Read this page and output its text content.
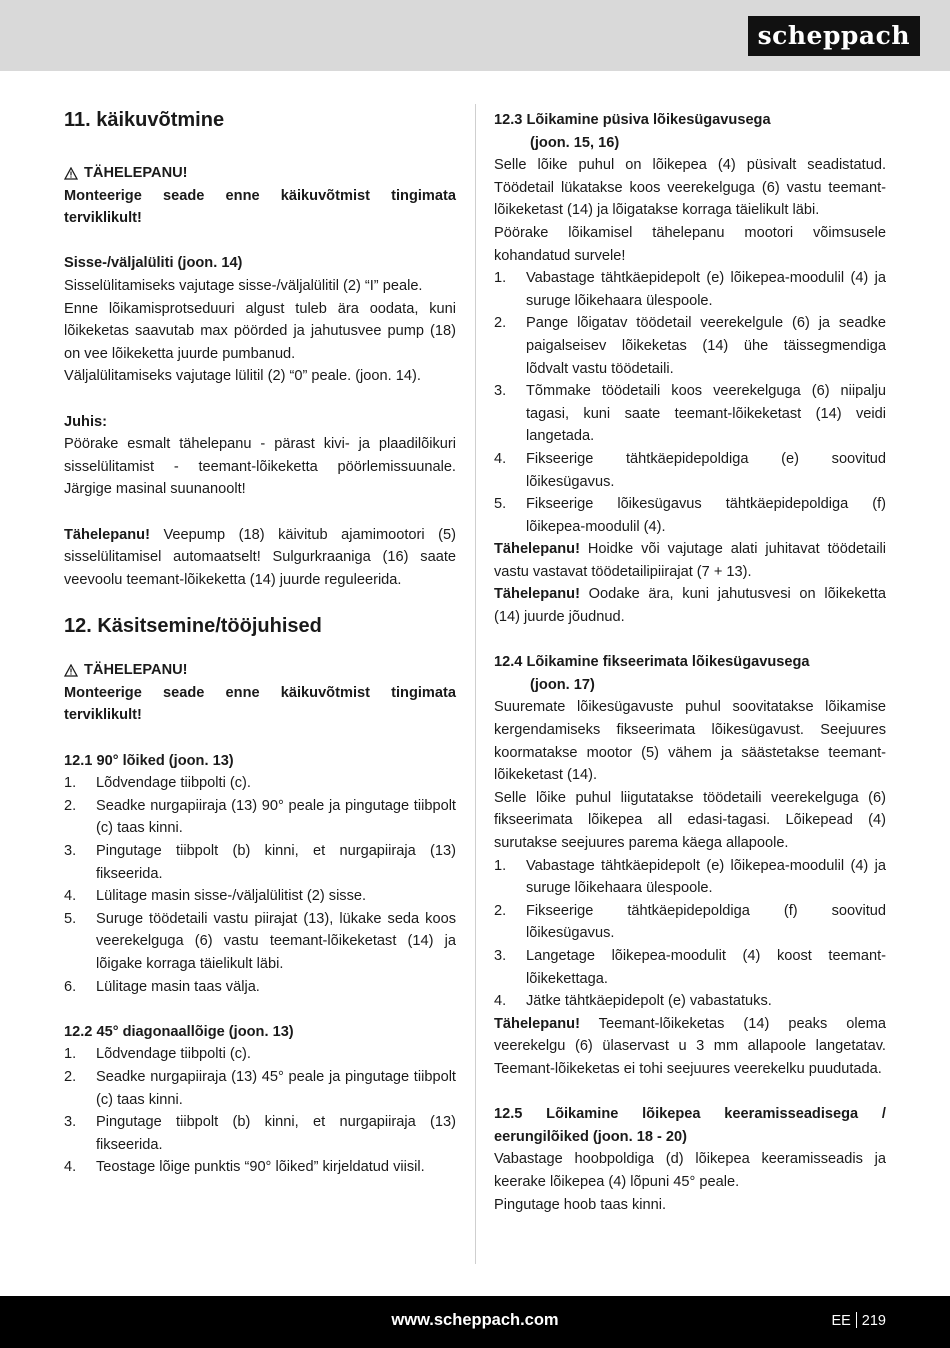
scheppach

11. käikuvõtmine

TÄHELEPANU!

Monteerige seade enne käikuvõtmist tingimata terviklikult!

Sisse-/väljalüliti (joon. 14)

Sisselülitamiseks vajutage sisse-/väljalülitil (2) “I” peale.

Enne lõikamisprotseduuri algust tuleb ära oodata, kuni lõikeketas saavutab max pöörded ja jahutusvee pump (18) on vee lõikeketta juurde pumbanud.

Väljalülitamiseks vajutage lülitil (2) “0” peale. (joon. 14).

Juhis:

Pöörake esmalt tähelepanu - pärast kivi- ja plaadilõikuri sisselülitamist - teemant-lõikeketta pöörlemissuunale. Järgige masinal suunanoolt!

Tähelepanu! Veepump (18) käivitub ajamimootori (5) sisselülitamisel automaatselt! Sulgurkraaniga (16) saate veevoolu teemant-lõikeketta (14) juurde reguleerida.

12. Käsitsemine/tööjuhised

TÄHELEPANU!

Monteerige seade enne käikuvõtmist tingimata terviklikult!

12.1 90° lõiked (joon. 13)

1. Lõdvendage tiibpolti (c).
2. Seadke nurgapiiraja (13) 90° peale ja pingutage tiibpolt (c) taas kinni.
3. Pingutage tiibpolt (b) kinni, et nurgapiiraja (13) fikseerida.
4. Lülitage masin sisse-/väljalülitist (2) sisse.
5. Suruge töödetaili vastu piirajat (13), lükake seda koos veerekelguga (6) vastu teemant-lõikeketast (14) ja lõigake korraga täielikult läbi.
6. Lülitage masin taas välja.

12.2 45° diagonaallõige (joon. 13)

1. Lõdvendage tiibpolti (c).
2. Seadke nurgapiiraja (13) 45° peale ja pingutage tiibpolt (c) taas kinni.
3. Pingutage tiibpolt (b) kinni, et nurgapiiraja (13) fikseerida.
4. Teostage lõige punktis “90° lõiked” kirjeldatud viisil.

12.3 Lõikamine püsiva lõikesügavusega

(joon. 15, 16)

Selle lõike puhul on lõikepea (4) püsivalt seadistatud. Töödetail lükatakse koos veerekelguga (6) vastu teemant-lõikeketast (14) ja lõigatakse korraga täielikult läbi.

Pöörake lõikamisel tähelepanu mootori võimsusele kohandatud survele!

1. Vabastage tähtkäepidepolt (e) lõikepea-moodulil (4) ja suruge lõikehaara ülespoole.
2. Pange lõigatav töödetail veerekelgule (6) ja seadke paigalseisev lõikeketas (14) ühe täissegmendiga lõdvalt vastu töödetaili.
3. Tõmmake töödetaili koos veerekelguga (6) niipalju tagasi, kuni saate teemant-lõikeketast (14) veidi langetada.
4. Fikseerige tähtkäepidepoldiga (e) soovitud lõikesügavus.
5. Fikseerige lõikesügavus tähtkäepidepoldiga (f) lõikepea-moodulil (4).

Tähelepanu! Hoidke või vajutage alati juhitavat töödetaili vastu vastavat töödetailipiirajat (7 + 13).

Tähelepanu! Oodake ära, kuni jahutusvesi on lõikeketta (14) juurde jõudnud.

12.4 Lõikamine fikseerimata lõikesügavusega

(joon. 17)

Suuremate lõikesügavuste puhul soovitatakse lõikamise kergendamiseks fikseerimata lõikesügavust. Seejuures koormatakse mootor (5) vähem ja säästetakse teemant-lõikeketast (14).

Selle lõike puhul liigutatakse töödetaili veerekelguga (6) fikseerimata lõikepea all edasi-tagasi. Lõikepead (4) surutakse seejuures parema käega allapoole.

1. Vabastage tähtkäepidepolt (e) lõikepea-moodulil (4) ja suruge lõikehaara ülespoole.
2. Fikseerige tähtkäepidepoldiga (f) soovitud lõikesügavus.
3. Langetage lõikepea-moodulit (4) koost teemant-lõikekettaga.
4. Jätke tähtkäepidepolt (e) vabastatuks.

Tähelepanu! Teemant-lõikeketas (14) peaks olema veerekelgu (6) ülaservast u 3 mm allapoole langetatav. Teemant-lõikeketas ei tohi seejuures veerekelku puudutada.

12.5 Lõikamine lõikepea keeramisseadisega / eerungilõiked (joon. 18 - 20)

Vabastage hoobpoldiga (d) lõikepea keeramisseadis ja keerake lõikepea (4) lõpuni 45° peale.

Pingutage hoob taas kinni.

www.scheppach.com	EE 219
